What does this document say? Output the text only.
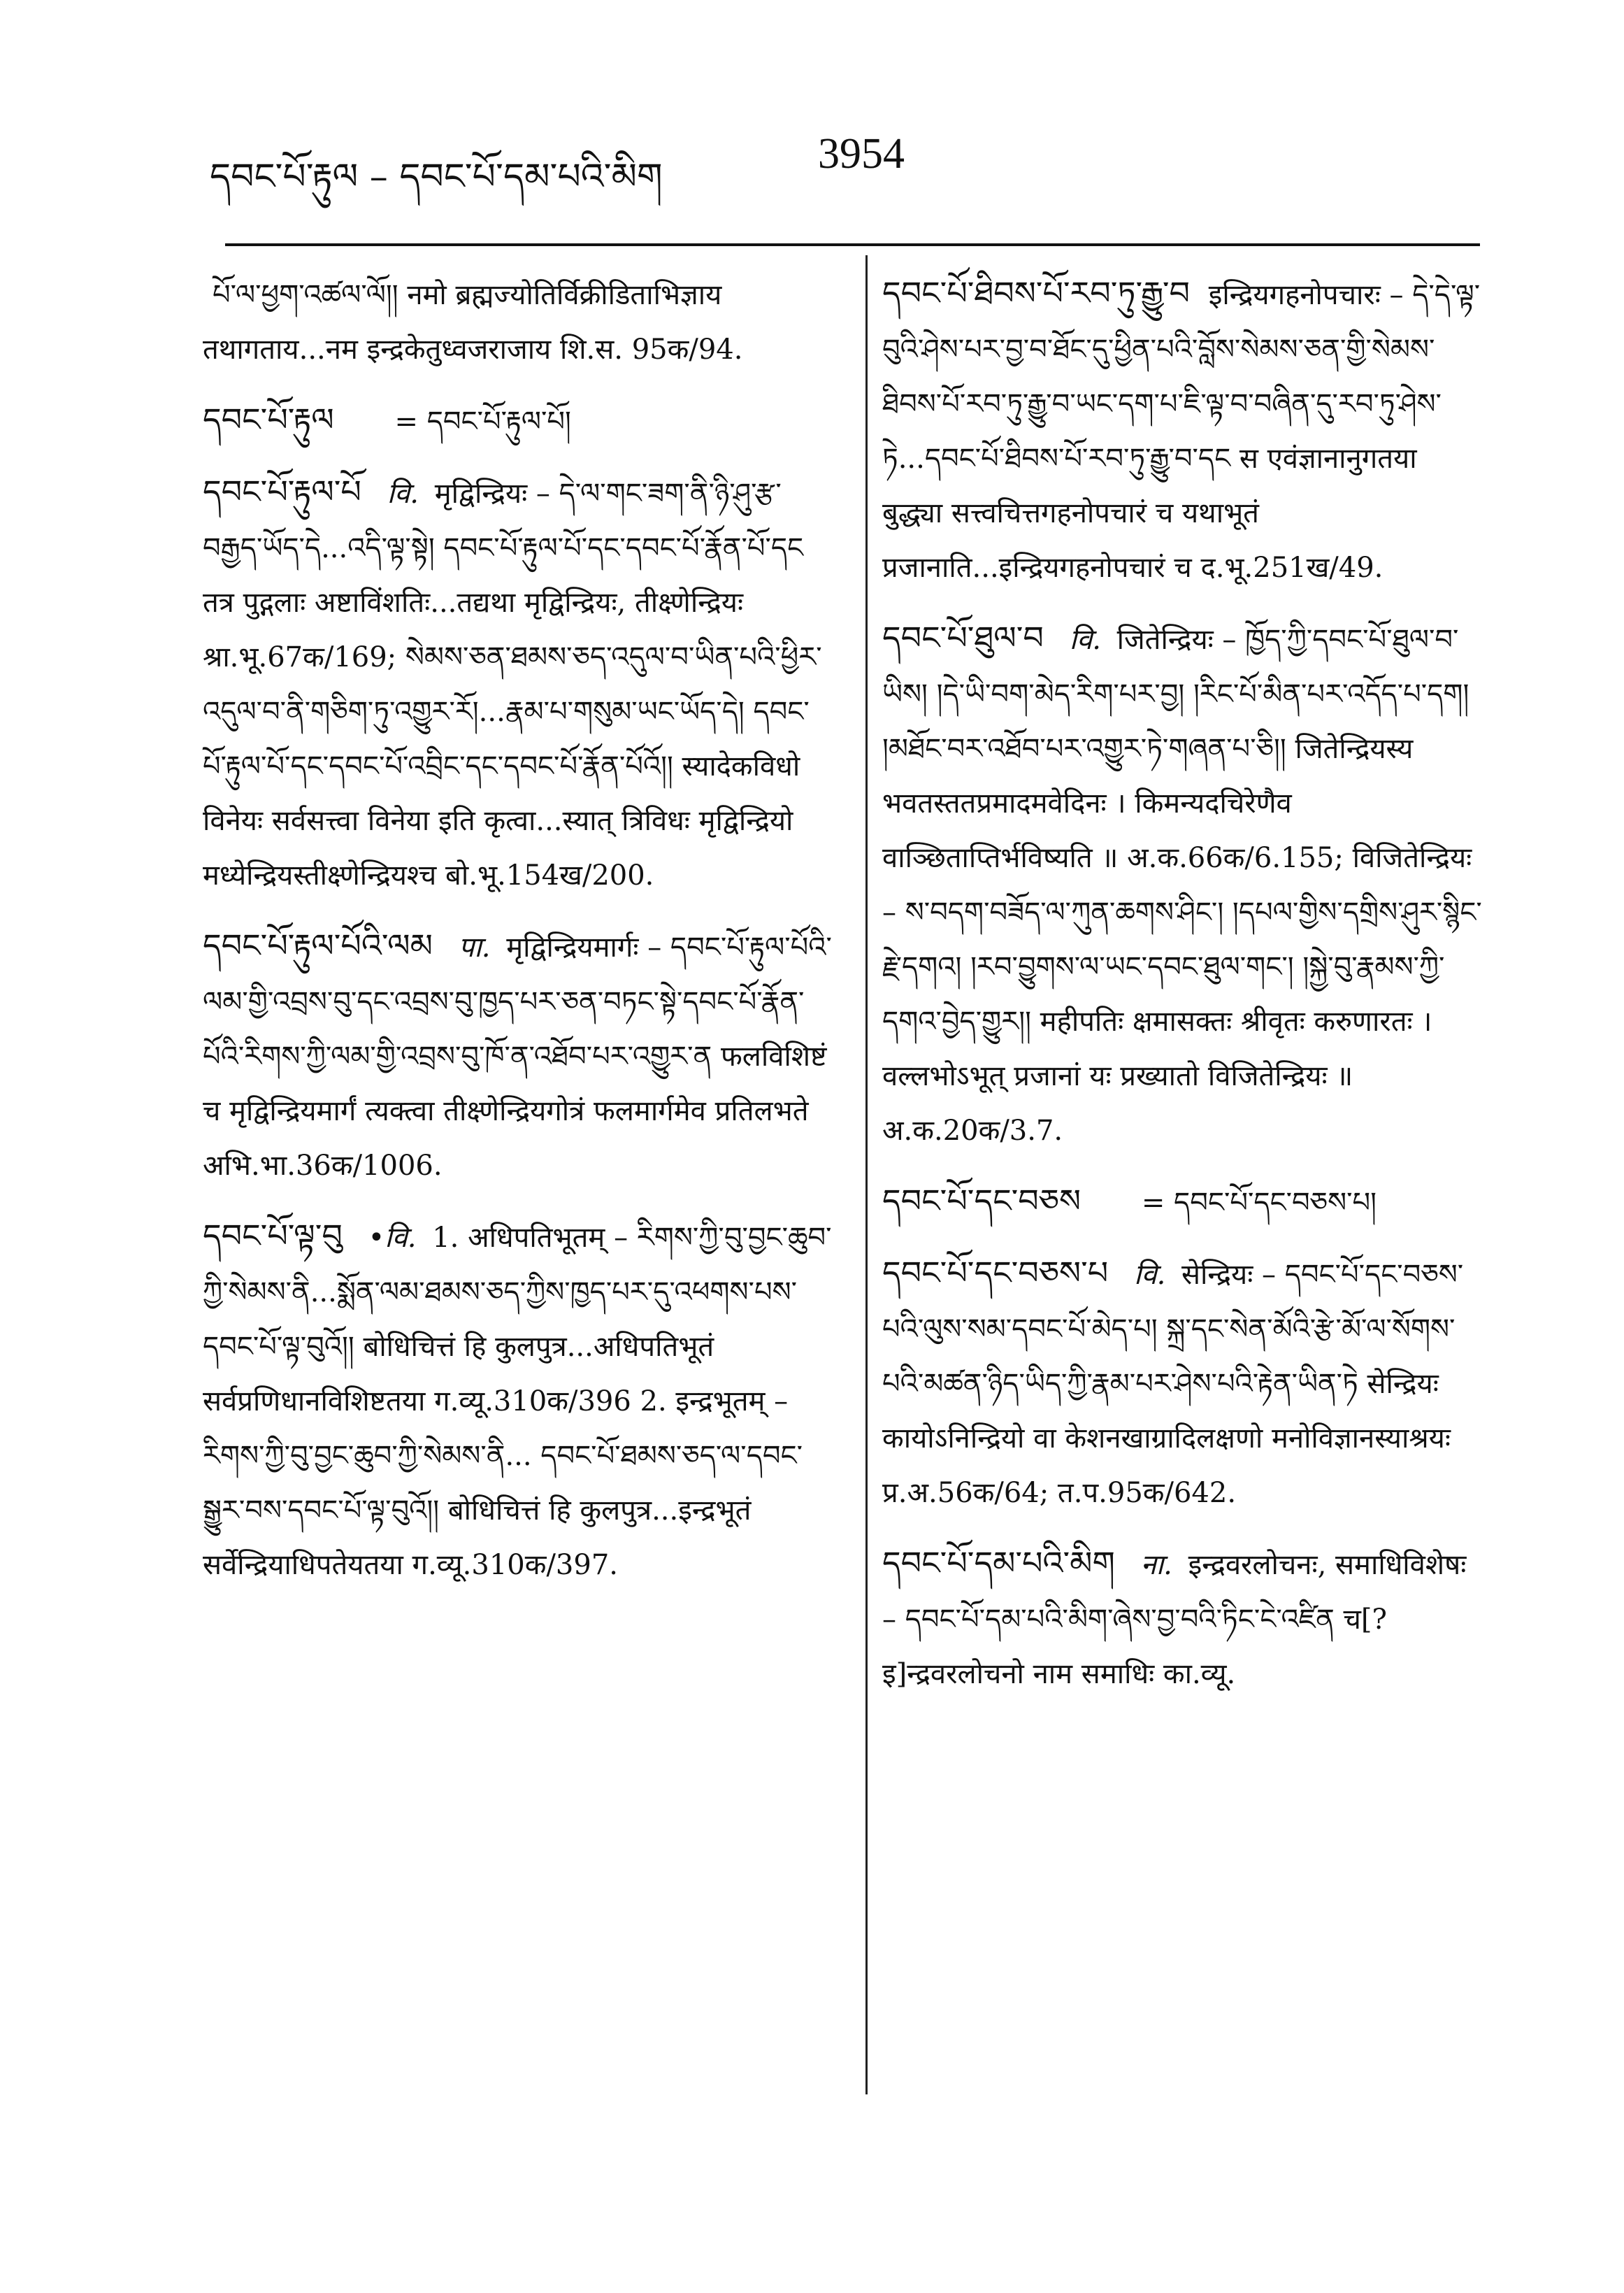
དབང་པོ་རྟུལ – དབང་པོ་དམ་པའི་མིག	3954
པོ་ལ་ཕྱག་འཚལ་ལོ།། नमो ब्रह्मज्योतिर्विक्रीडिताभिज्ञाय तथागताय...नम इन्द्रकेतुध्वजराजाय शि.स. 95क/94.
དབང་པོ་རྟུལ = དབང་པོ་རྟུལ་པོ།
དབང་པོ་རྟུལ་པོ वि. मृद्विन्द्रियः – དེ་ལ་གང་ཟག་ནི་ཉི་ཤུ་རྩ་བརྒྱད་ཡོད་དེ...འདི་ལྟ་སྟེ། དབང་པོ་རྟུལ་པོ་དང་དབང་པོ་རྣོན་པོ་དང तत्र पुद्गलाः अष्टाविंशतिः...तद्यथा मृद्विन्द्रियः, तीक्ष्णेन्द्रियः श्रा.भू.67क/169; སེམས་ཅན་ཐམས་ཅད་འདུལ་བ་ཡིན་པའི་ཕྱིར་འདུལ་བ་ནི་གཅིག་ཏུ་འགྱུར་རོ།...རྣམ་པ་གསུམ་ཡང་ཡོད་དེ། དབང་པོ་རྟུལ་པོ་དང་དབང་པོ་འབྲིང་དང་དབང་པོ་རྣོན་པོའོ།། स्यादेकविधो विनेयः सर्वसत्त्वा विनेया इति कृत्वा...स्यात् त्रिविधः मृद्विन्द्रियो मध्येन्द्रियस्तीक्ष्णेन्द्रियश्च बो.भू.154ख/200.
དབང་པོ་རྟུལ་པོའི་ལམ पा. मृद्विन्द्रियमार्गः – དབང་པོ་རྟུལ་པོའི་ལམ་གྱི་འབྲས་བུ་དང་འབྲས་བུ་ཁྱད་པར་ཅན་བཏང་སྟེ་དབང་པོ་རྣོན་པོའི་རིགས་ཀྱི་ལམ་གྱི་འབྲས་བུ་ཁོ་ན་འཐོབ་པར་འགྱུར་ན फलविशिष्टं च मृद्विन्द्रियमार्गं त्यक्त्वा तीक्ष्णेन्द्रियगोत्रं फलमार्गमेव प्रतिलभते अभि.भा.36क/1006.
དབང་པོ་ལྟ་བུ •वि. 1. अधिपतिभूतम् – རིགས་ཀྱི་བུ་བྱང་ཆུབ་ཀྱི་སེམས་ནི...སྨོན་ལམ་ཐམས་ཅད་ཀྱིས་ཁྱད་པར་དུ་འཕགས་པས་དབང་པོ་ལྟ་བུའོ།། बोधिचित्तं हि कुलपुत्र...अधिपतिभूतं सर्वप्रणिधानविशिष्टतया ग.व्यू.310क/396 2. इन्द्रभूतम् – རིགས་ཀྱི་བུ་བྱང་ཆུབ་ཀྱི་སེམས་ནི... དབང་པོ་ཐམས་ཅད་ལ་དབང་སྒྱུར་བས་དབང་པོ་ལྟ་བུའོ།། बोधिचित्तं हि कुलपुत्र...इन्द्रभूतं सर्वेन्द्रियाधिपतेयतया ग.व्यू.310क/397.
དབང་པོ་ཐིབས་པོ་རབ་ཏུ་རྒྱུ་བ इन्द्रियगहनोपचारः – དེ་དེ་ལྟ་བུའི་ཤེས་པར་བྱ་བ་ཐོང་དུ་ཕྱིན་པའི་བློས་སེམས་ཅན་གྱི་སེམས་ཐིབས་པོ་རབ་ཏུ་རྒྱུ་བ་ཡང་དག་པ་ཇི་ལྟ་བ་བཞིན་དུ་རབ་ཏུ་ཤེས་ཏེ...དབང་པོ་ཐིབས་པོ་རབ་ཏུ་རྒྱུ་བ་དང स एवंज्ञानानुगतया बुद्ध्या सत्त्वचित्तगहनोपचारं च यथाभूतं प्रजानाति...इन्द्रियगहनोपचारं च द.भू.251ख/49.
དབང་པོ་ཐུལ་བ वि. जितेन्द्रियः – ཁྱོད་ཀྱི་དབང་པོ་ཐུལ་བ་ཡིས། །དེ་ཡི་བག་མེད་རིག་པར་བྱ། །རིང་པོ་མིན་པར་འདོད་པ་དག། །མཐོང་བར་འཐོབ་པར་འགྱུར་ཏེ་གཞན་པ་ཅི།། जितेन्द्रियस्य भवतस्ततप्रमादमवेदिनः । किमन्यदचिरेणैव वाञ्छिताप्तिर्भविष्यति ॥ अ.क.66क/6.155; विजितेन्द्रियः – ས་བདག་བཟོད་ལ་ཀུན་ཆགས་ཤིང་། །དཔལ་གྱིས་དགྲིས་ཤུར་སྙིང་རྗེ་དགའ། །རབ་བྱུགས་ལ་ཡང་དབང་ཐུལ་གང་། །སྐྱེ་བུ་རྣམས་ཀྱི་དགའ་བྱེད་གྱུར།། महीपतिः क्षमासक्तः श्रीवृतः करुणारतः । वल्लभोऽभूत् प्रजानां यः प्रख्यातो विजितेन्द्रियः ॥ अ.क.20क/3.7.
དབང་པོ་དང་བཅས = དབང་པོ་དང་བཅས་པ།
དབང་པོ་དང་བཅས་པ वि. सेन्द्रियः – དབང་པོ་དང་བཅས་པའི་ལུས་སམ་དབང་པོ་མེད་པ། སྐྲ་དང་སེན་མོའི་རྩེ་མོ་ལ་སོགས་པའི་མཚན་ཉིད་ཡིད་ཀྱི་རྣམ་པར་ཤེས་པའི་རྟེན་ཡིན་ཏེ सेन्द्रियः कायोऽनिन्द्रियो वा केशनखाग्रादिलक्षणो मनोविज्ञानस्याश्रयः प्र.अ.56क/64; त.प.95क/642.
དབང་པོ་དམ་པའི་མིག ना. इन्द्रवरलोचनः, समाधिविशेषः – དབང་པོ་དམ་པའི་མིག་ཞེས་བྱ་བའི་ཏིང་ངེ་འཛིན च[?इ]न्द्रवरलोचनो नाम समाधिः का.व्यू.
